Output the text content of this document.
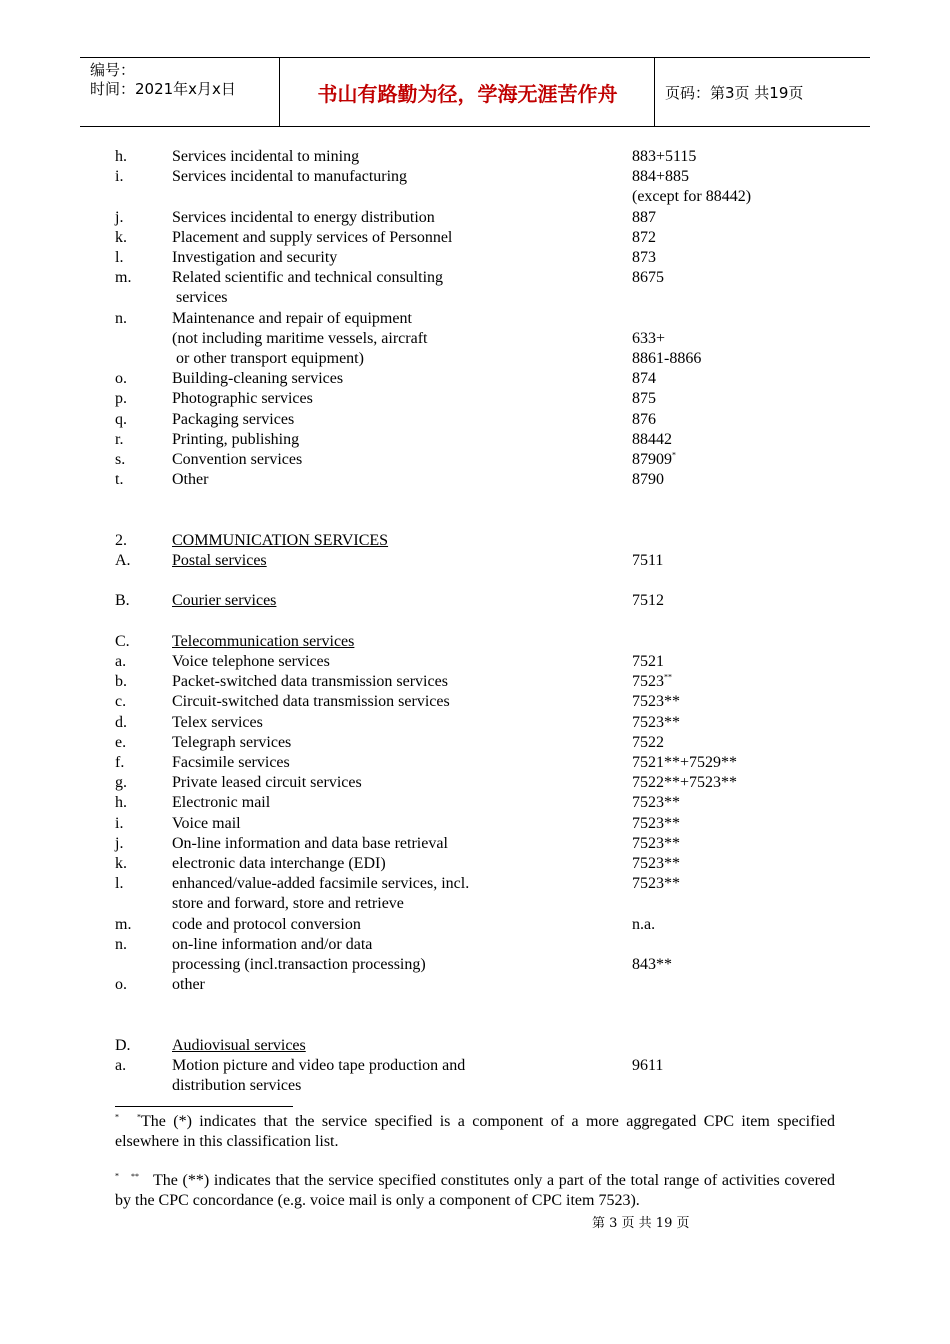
编号：
时间：2021年x月x日	书山有路勤为径，学海无涯苦作舟	页码：第3页 共19页
h.	Services incidental to mining	883+5115
i.	Services incidental to manufacturing	884+885
(except for 88442)
j.	Services incidental to energy distribution	887
k.	Placement and supply services of Personnel	872
l.	Investigation and security	873
m.	Related scientific and technical consulting	8675
services
n.	Maintenance and repair of equipment
(not including maritime vessels, aircraft	633+
or other transport equipment)	8861-8866
o.	Building-cleaning services	874
p.	Photographic services	875
q.	Packaging services	876
r.	Printing, publishing	88442
s.	Convention services	87909*
t.	Other	8790
2.	COMMUNICATION SERVICES
A.	Postal services	7511
B.	Courier services	7512
C.	Telecommunication services
a.	Voice telephone services	7521
b.	Packet-switched data transmission services	7523**
c.	Circuit-switched data transmission services	7523**
d.	Telex services	7523**
e.	Telegraph services	7522
f.	Facsimile services	7521**+7529**
g.	Private leased circuit services	7522**+7523**
h.	Electronic mail	7523**
i.	Voice mail	7523**
j.	On-line information and data base retrieval	7523**
k.	electronic data interchange (EDI)	7523**
l.	enhanced/value-added facsimile services, incl.	7523**
store and forward, store and retrieve
m.	code and protocol conversion	n.a.
n.	on-line information and/or data
processing (incl.transaction processing)	843**
o.	other
D.	Audiovisual services
a.	Motion picture and video tape production and	9611
distribution services
* *The (*) indicates that the service specified is a component of a more aggregated CPC item specified elsewhere in this classification list.
* ** The (**) indicates that the service specified constitutes only a part of the total range of activities covered by the CPC concordance (e.g. voice mail is only a component of CPC item 7523).
第 3 页 共 19 页
